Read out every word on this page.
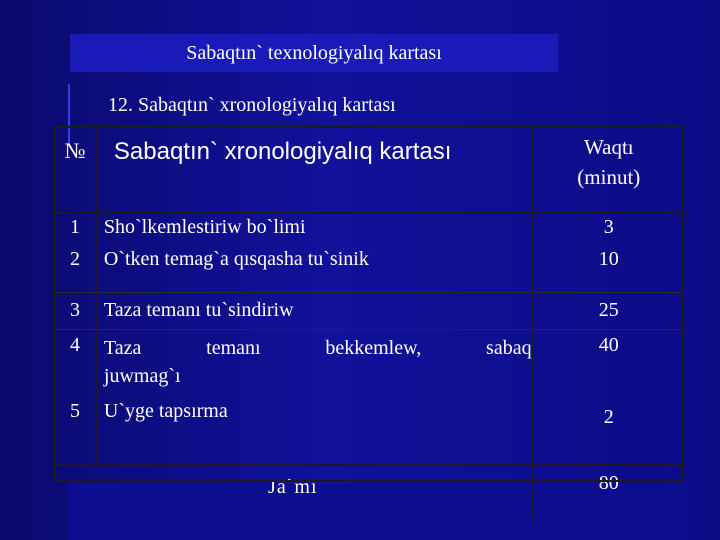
Sabaqtın` texnologiyalıq kartası
12. Sabaqtın` xronologiyalıq kartası
№	Sabaqtın` xronologiyalıq kartası	Waqtı
(minut)

1	Sho`lkemlestiriw bo`limi	3
2	O`tken temag`a qısqasha tu`sinik	10
3	Taza temanı tu`sindiriw	25
4	Taza temanı bekkemlew, sabaq
juwmag`ı	40
5	U`yge tapsırma	2
Ja`mi		80
